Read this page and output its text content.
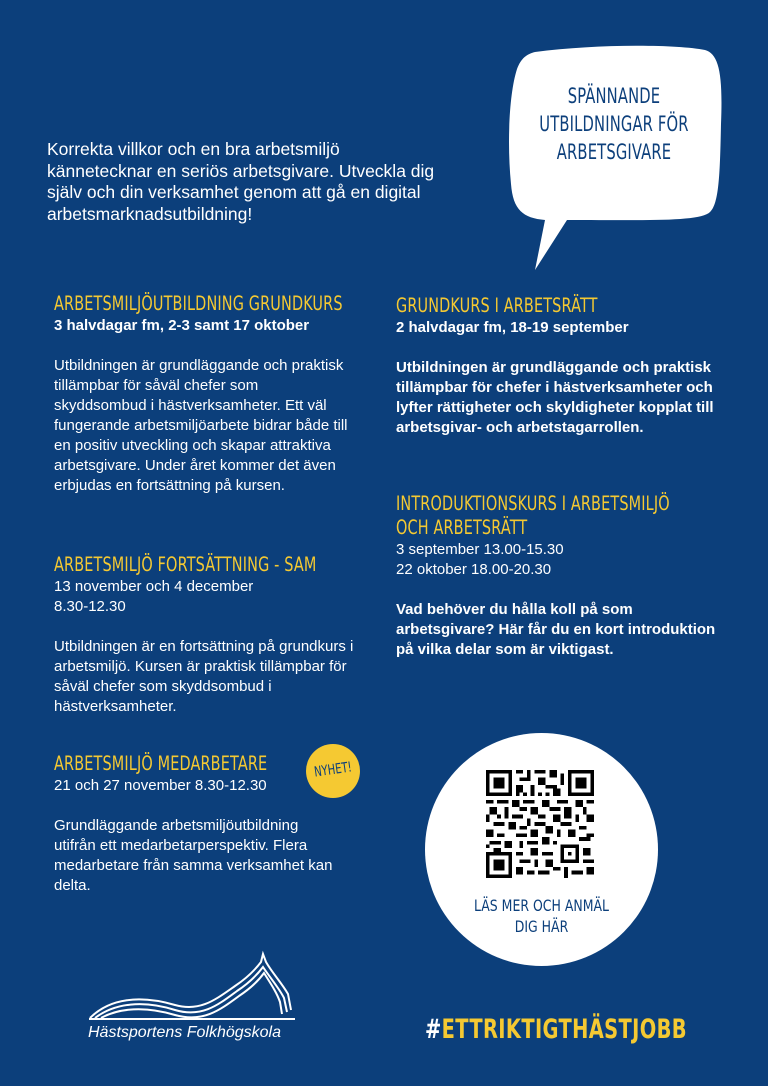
SPÄNNANDE
UTBILDNINGAR FÖR
ARBETSGIVARE
Korrekta villkor och en bra arbetsmiljö kännetecknar en seriös arbetsgivare. Utveckla dig själv och din verksamhet genom att gå en digital arbetsmarknadsutbildning!
ARBETSMILJÖUTBILDNING GRUNDKURS
3 halvdagar fm, 2-3 samt 17 oktober
Utbildningen är grundläggande och praktisk tillämpbar för såväl chefer som skyddsombud i hästverksamheter. Ett väl fungerande arbetsmiljöarbete bidrar både till en positiv utveckling och skapar attraktiva arbetsgivare. Under året kommer det även erbjudas en fortsättning på kursen.
ARBETSMILJÖ FORTSÄTTNING - SAM
13 november och 4 december
8.30-12.30
Utbildningen är en fortsättning på grundkurs i arbetsmiljö. Kursen är praktisk tillämpbar för såväl chefer som skyddsombud i hästverksamheter.
ARBETSMILJÖ MEDARBETARE
21 och 27 november 8.30-12.30
Grundläggande arbetsmiljöutbildning utifrån ett medarbetarperspektiv. Flera medarbetare från samma verksamhet kan delta.
NYHET!
GRUNDKURS I ARBETSRÄTT
2 halvdagar fm, 18-19 september
Utbildningen är grundläggande och praktisk tillämpbar för chefer i hästverksamheter och lyfter rättigheter och skyldigheter kopplat till arbetsgivar- och arbetstagarrollen.
INTRODUKTIONSKURS I ARBETSMILJÖ
OCH ARBETSRÄTT
3 september 13.00-15.30
22 oktober 18.00-20.30
Vad behöver du hålla koll på som arbetsgivare? Här får du en kort introduktion på vilka delar som är viktigast.
LÄS MER OCH ANMÄL
DIG HÄR
Hästsportens Folkhögskola	#ETTRIKTIGTHÄSTJOBB
